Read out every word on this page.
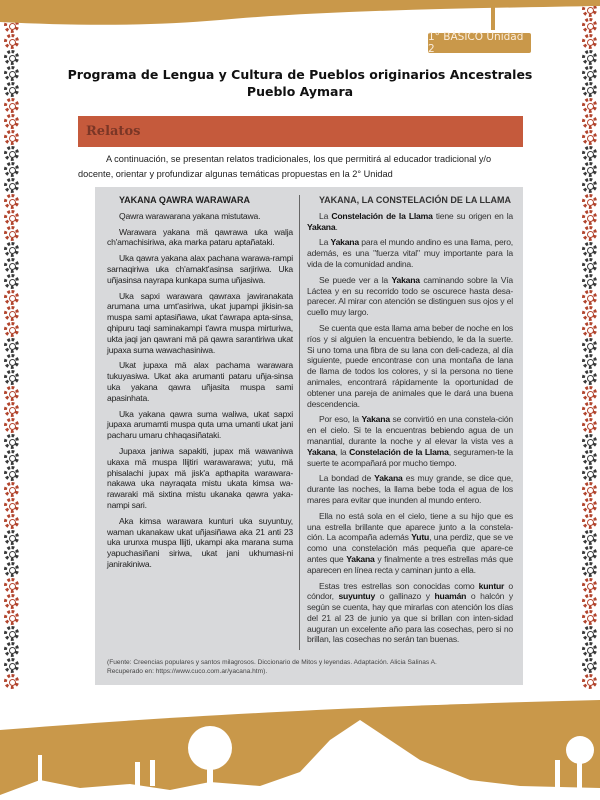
1° BÁSICO Unidad 2
Programa de Lengua y Cultura de Pueblos originarios Ancestrales
Pueblo Aymara
Relatos

A continuación, se presentan relatos tradicionales, los que permitirá al educador tradicional y/o docente, orientar y profundizar algunas temáticas propuestas en la 2° Unidad

YAKANA QAWRA WARAWARA

Qawra warawarana yakana mistutawa.

Warawara yakana mä qawrawa uka walja ch'amachisiriwa, aka marka pataru aptañataki.

Uka qawra yakana alax pachana warawa-rampi sarnaqiriwa uka ch'amakt'asinsa sarjiriwa. Uka uñjasinsa nayrapa kunkapa suma uñjasiwa.

Uka sapxi warawara qawraxa jawiranakata arumana uma umt'asiriwa, ukat jupampi jikisin-sa muspa sami aptasiñawa, ukat t'awrapa apta-sinsa, qhipuru taqi saminakampi t'awra muspa mirturiwa, ukta jaqi jan qawrani mä pä qawra sarantiriwa ukat jupaxa suma wawachasiniwa.

Ukat jupaxa mä alax pachama warawara tukuyasiwa. Ukat aka arumanti pataru uñja-sinsa uka yakana qawra uñjasita muspa sami apasinhata.

Uka yakana qawra suma waliwa, ukat sapxi jupaxa arumamti muspa quta uma umanti ukat jani pacharu umaru chhaqasiñataki.

Jupaxa janiwa sapakiti, jupax mä wawaniwa ukaxa mä muspa llijtiri warawarawa; yutu, mä phisalachi jupax mä jisk'a apthapita warawara-nakawa uka nayraqata mistu ukata kimsa wa-rawaraki mä sixtina mistu ukanaka qawra yaka-nampi sari.

Aka kimsa warawara kunturi uka suyuntuy, waman ukanakaw ukat uñjasiñawa aka 21 anti 23 uka urunxa muspa llijti, ukampi aka marana suma yapuchasiñani siriwa, ukat jani ukhumasi-ni janirakiniwa.

YAKANA, LA CONSTELACIÓN DE LA LLAMA

La Constelación de la Llama tiene su origen en la Yakana.

La Yakana para el mundo andino es una llama, pero, además, es una "fuerza vital" muy importante para la vida de la comunidad andina.

Se puede ver a la Yakana caminando sobre la Vía Láctea y en su recorrido todo se oscurece hasta desa-parecer. Al mirar con atención se distinguen sus ojos y el cuello muy largo.

Se cuenta que esta llama ama beber de noche en los ríos y si alguien la encuentra bebiendo, le da la suerte. Si uno toma una fibra de su lana con deli-cadeza, al día siguiente, puede encontrase con una montaña de lana de llama de todos los colores, y si la persona no tiene animales, encontrará rápidamente la oportunidad de obtener una pareja de animales que le dará una buena descendencia.

Por eso, la Yakana se convirtió en una constela-ción en el cielo. Si te la encuentras bebiendo agua de un manantial, durante la noche y al elevar la vista ves a Yakana, la Constelación de la Llama, seguramen-te la suerte te acompañará por mucho tiempo.

La bondad de Yakana es muy grande, se dice que, durante las noches, la llama bebe toda el agua de los mares para evitar que inunden al mundo entero.

Ella no está sola en el cielo, tiene a su hijo que es una estrella brillante que aparece junto a la constela-ción. La acompaña además Yutu, una perdiz, que se ve como una constelación más pequeña que apare-ce antes que Yakana y finalmente a tres estrellas más que aparecen en línea recta y caminan junto a ella.

Estas tres estrellas son conocidas como kuntur o cóndor, suyuntuy o gallinazo y huamán o halcón y según se cuenta, hay que mirarlas con atención los días del 21 al 23 de junio ya que si brillan con inten-sidad auguran un excelente año para las cosechas, pero si no brillan, las cosechas no serán tan buenas.

(Fuente: Creencias populares y santos milagrosos. Diccionario de Mitos y leyendas. Adaptación. Alicia Salinas A.
Recuperado en: https://www.cuco.com.ar/yacana.htm).
